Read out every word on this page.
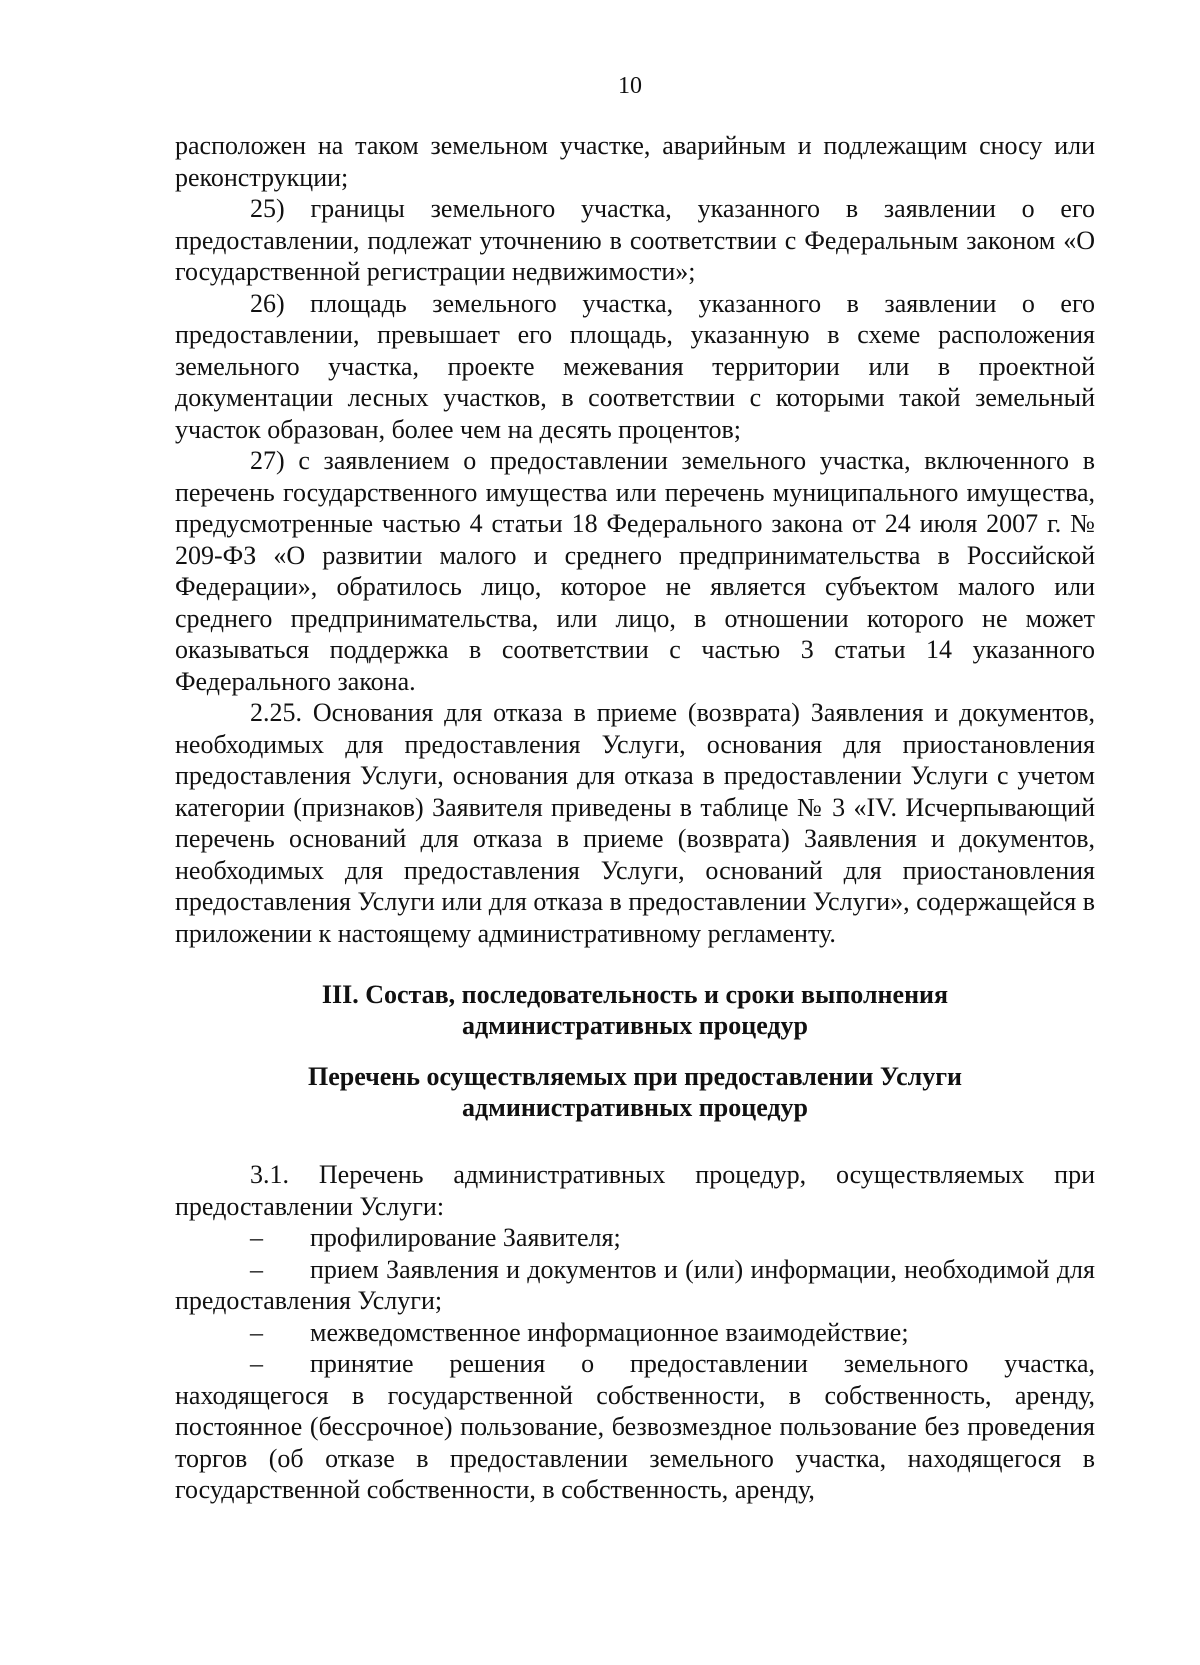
10

расположен на таком земельном участке, аварийным и подлежащим сносу или реконструкции;

25) границы земельного участка, указанного в заявлении о его предоставлении, подлежат уточнению в соответствии с Федеральным законом «О государственной регистрации недвижимости»;

26) площадь земельного участка, указанного в заявлении о его предоставлении, превышает его площадь, указанную в схеме расположения земельного участка, проекте межевания территории или в проектной документации лесных участков, в соответствии с которыми такой земельный участок образован, более чем на десять процентов;

27) с заявлением о предоставлении земельного участка, включенного в перечень государственного имущества или перечень муниципального имущества, предусмотренные частью 4 статьи 18 Федерального закона от 24 июля 2007 г. № 209-ФЗ «О развитии малого и среднего предпринимательства в Российской Федерации», обратилось лицо, которое не является субъектом малого или среднего предпринимательства, или лицо, в отношении которого не может оказываться поддержка в соответствии с частью 3 статьи 14 указанного Федерального закона.

2.25. Основания для отказа в приеме (возврата) Заявления и документов, необходимых для предоставления Услуги, основания для приостановления предоставления Услуги, основания для отказа в предоставлении Услуги с учетом категории (признаков) Заявителя приведены в таблице № 3 «IV. Исчерпывающий перечень оснований для отказа в приеме (возврата) Заявления и документов, необходимых для предоставления Услуги, оснований для приостановления предоставления Услуги или для отказа в предоставлении Услуги», содержащейся в приложении к настоящему административному регламенту.

III. Состав, последовательность и сроки выполнения
административных процедур
Перечень осуществляемых при предоставлении Услуги
административных процедур

3.1. Перечень административных процедур, осуществляемых при предоставлении Услуги:

– профилирование Заявителя;

– прием Заявления и документов и (или) информации, необходимой для предоставления Услуги;

– межведомственное информационное взаимодействие;

– принятие решения о предоставлении земельного участка, находящегося в государственной собственности, в собственность, аренду, постоянное (бессрочное) пользование, безвозмездное пользование без проведения торгов (об отказе в предоставлении земельного участка, находящегося в государственной собственности, в собственность, аренду,
